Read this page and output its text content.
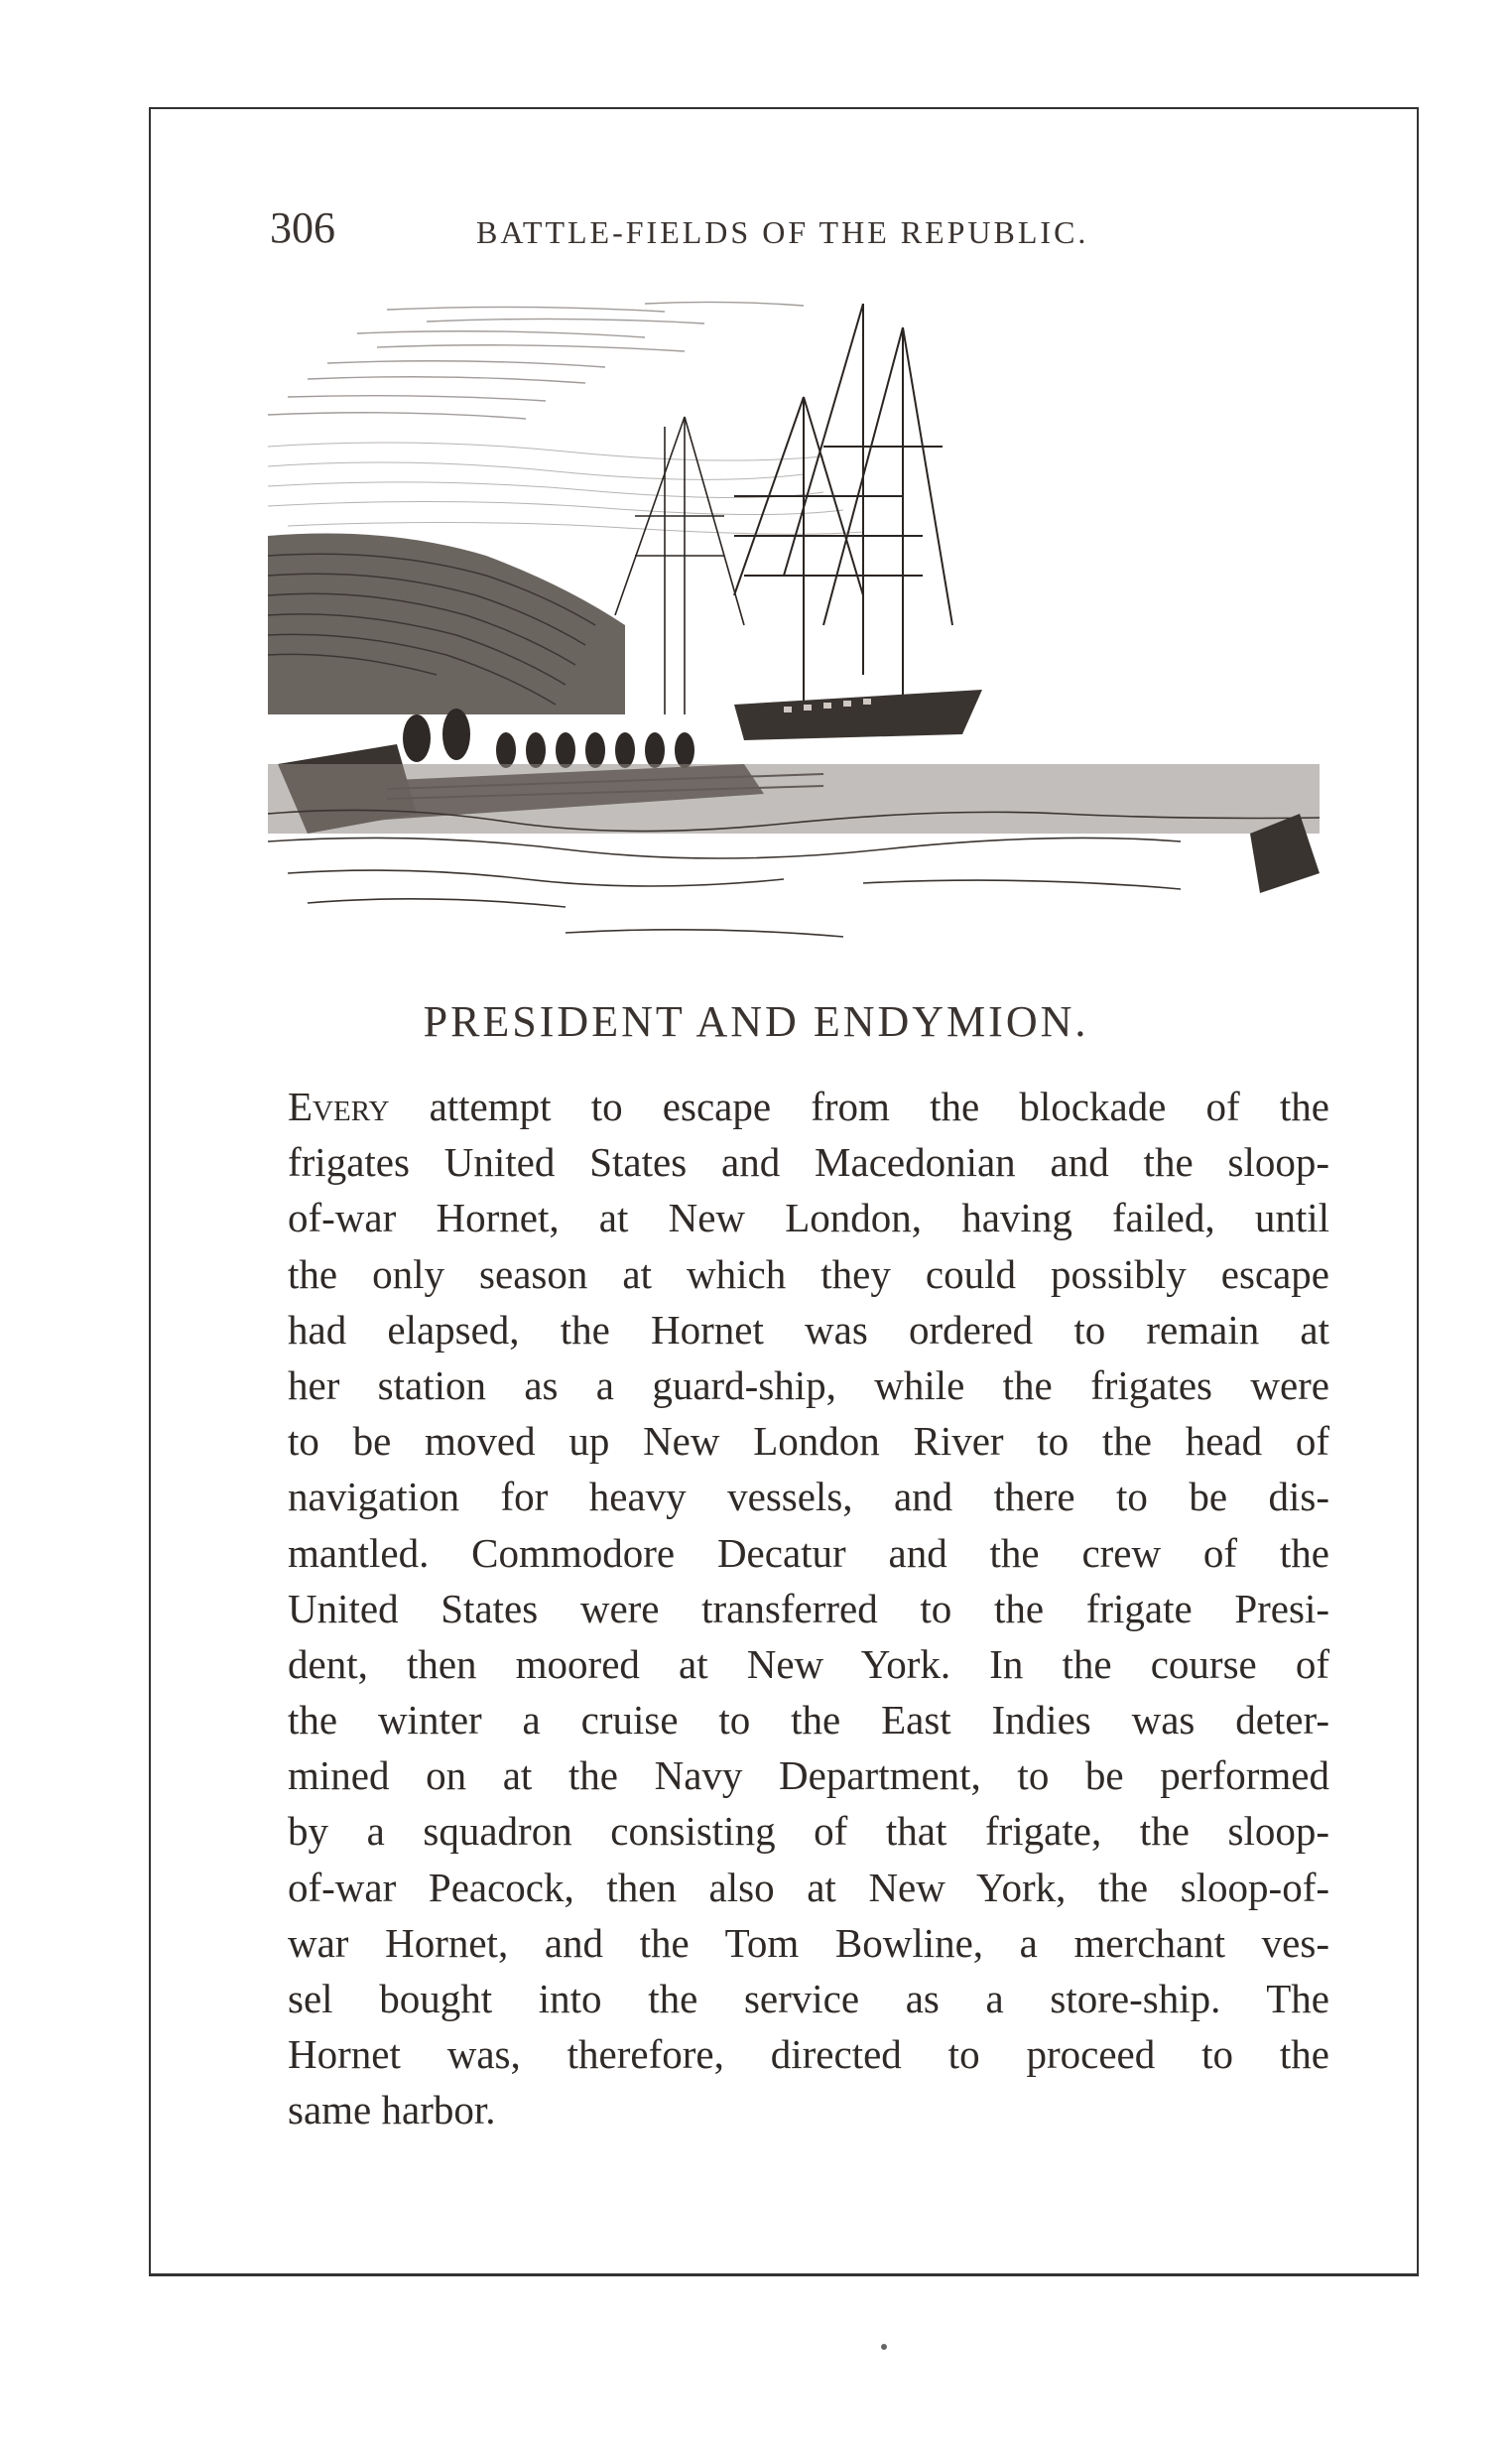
306	BATTLE-FIELDS OF THE REPUBLIC.
PRESIDENT AND ENDYMION.
Every attempt to escape from the blockade of the
frigates United States and Macedonian and the sloop-
of-war Hornet, at New London, having failed, until
the only season at which they could possibly escape
had elapsed, the Hornet was ordered to remain at
her station as a guard-ship, while the frigates were
to be moved up New London River to the head of
navigation for heavy vessels, and there to be dis-
mantled. Commodore Decatur and the crew of the
United States were transferred to the frigate Presi-
dent, then moored at New York. In the course of
the winter a cruise to the East Indies was deter-
mined on at the Navy Department, to be performed
by a squadron consisting of that frigate, the sloop-
of-war Peacock, then also at New York, the sloop-of-
war Hornet, and the Tom Bowline, a merchant ves-
sel bought into the service as a store-ship. The
Hornet was, therefore, directed to proceed to the
same harbor.
